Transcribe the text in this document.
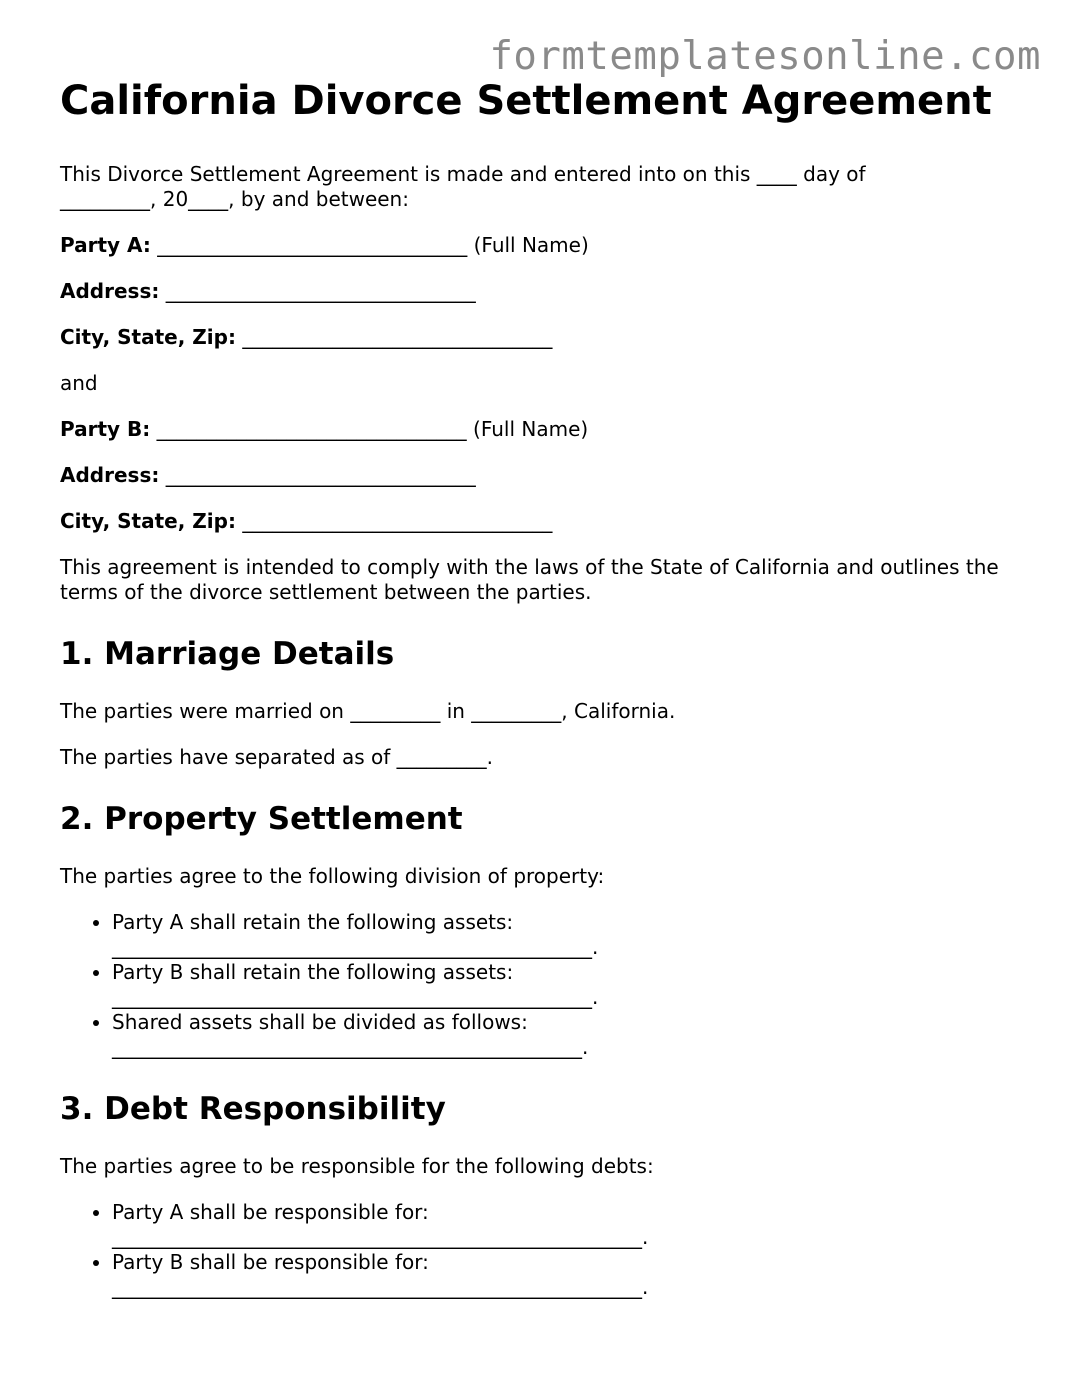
formtemplatesonline.com
California Divorce Settlement Agreement

This Divorce Settlement Agreement is made and entered into on this ____ day of
_________, 20____, by and between:

Party A: _______________________________ (Full Name)

Address: _______________________________

City, State, Zip: _______________________________

and

Party B: _______________________________ (Full Name)

Address: _______________________________

City, State, Zip: _______________________________

This agreement is intended to comply with the laws of the State of California and outlines the terms of the divorce settlement between the parties.

1. Marriage Details

The parties were married on _________ in _________, California.

The parties have separated as of _________.

2. Property Settlement

The parties agree to the following division of property:

• Party A shall retain the following assets:
________________________________________________.
• Party B shall retain the following assets:
________________________________________________.
• Shared assets shall be divided as follows:
_______________________________________________.
3. Debt Responsibility

The parties agree to be responsible for the following debts:

• Party A shall be responsible for:
_____________________________________________________.
• Party B shall be responsible for:
_____________________________________________________.
